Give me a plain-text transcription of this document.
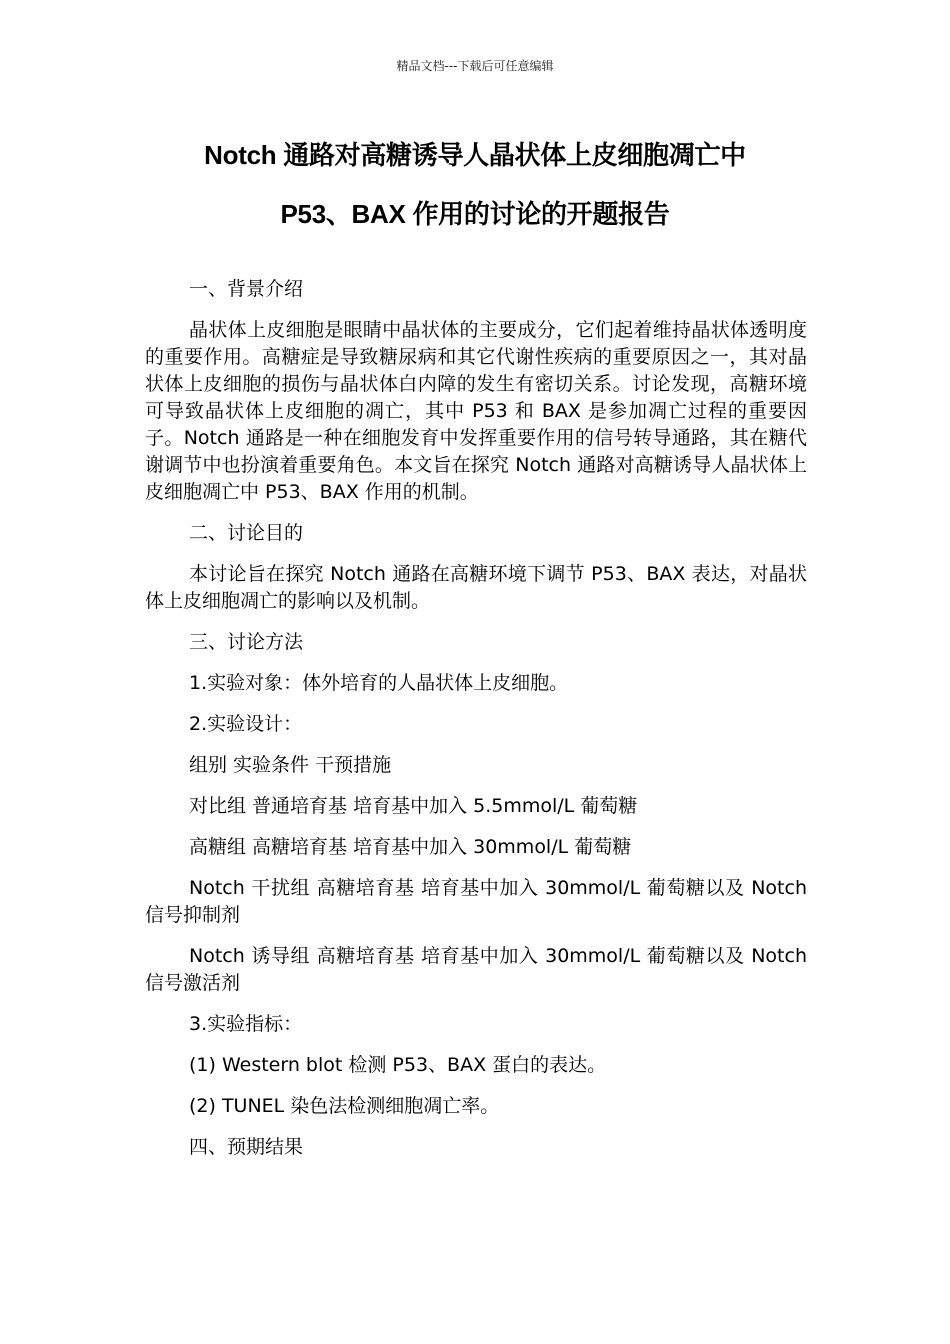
精品文档---下载后可任意编辑
Notch 通路对高糖诱导人晶状体上皮细胞凋亡中
P53、BAX 作用的讨论的开题报告

一、背景介绍

晶状体上皮细胞是眼睛中晶状体的主要成分，它们起着维持晶状体透明度的重要作用。高糖症是导致糖尿病和其它代谢性疾病的重要原因之一，其对晶状体上皮细胞的损伤与晶状体白内障的发生有密切关系。讨论发现，高糖环境可导致晶状体上皮细胞的凋亡，其中 P53 和 BAX 是参加凋亡过程的重要因子。Notch 通路是一种在细胞发育中发挥重要作用的信号转导通路，其在糖代谢调节中也扮演着重要角色。本文旨在探究 Notch 通路对高糖诱导人晶状体上皮细胞凋亡中 P53、BAX 作用的机制。

二、讨论目的

本讨论旨在探究 Notch 通路在高糖环境下调节 P53、BAX 表达，对晶状体上皮细胞凋亡的影响以及机制。

三、讨论方法

1.实验对象：体外培育的人晶状体上皮细胞。

2.实验设计：

组别 实验条件 干预措施

对比组 普通培育基 培育基中加入 5.5mmol/L 葡萄糖

高糖组 高糖培育基 培育基中加入 30mmol/L 葡萄糖

Notch 干扰组 高糖培育基 培育基中加入 30mmol/L 葡萄糖以及 Notch 信号抑制剂

Notch 诱导组 高糖培育基 培育基中加入 30mmol/L 葡萄糖以及 Notch 信号激活剂

3.实验指标：

(1) Western blot 检测 P53、BAX 蛋白的表达。

(2) TUNEL 染色法检测细胞凋亡率。

四、预期结果
